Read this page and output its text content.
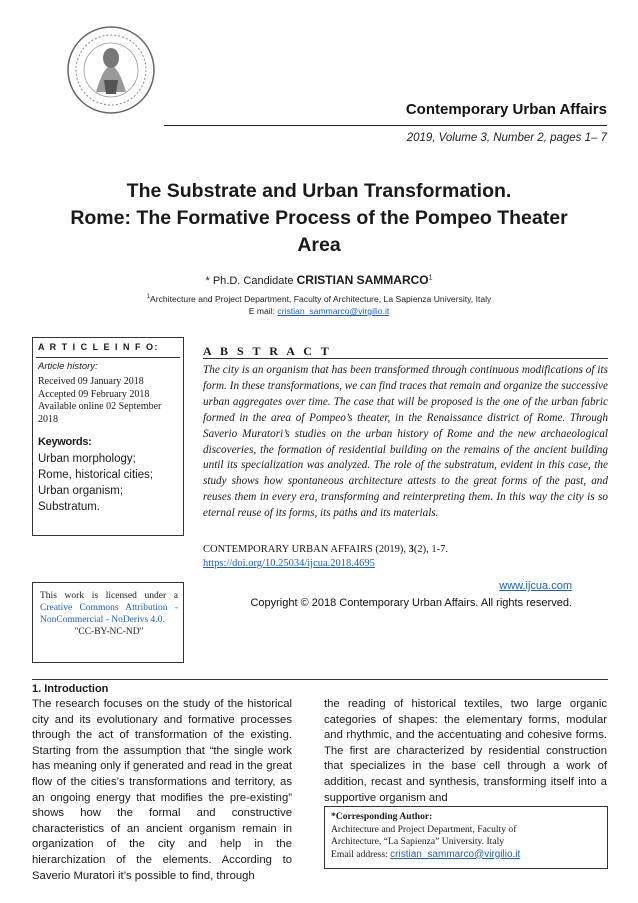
Contemporary Urban Affairs
2019, Volume 3, Number 2, pages 1– 7
The Substrate and Urban Transformation.
Rome: The Formative Process of the Pompeo Theater
Area
* Ph.D. Candidate CRISTIAN SAMMARCO$^1$
$^1$Architecture and Project Department, Faculty of Architecture, La Sapienza University, Italy
E mail: cristian_sammarco@virgilio.it
A R T I C L E I N F O:
Article history:
Received 09 January 2018
Accepted 09 February 2018
Available online 02 September 2018
Keywords:
Urban morphology;
Rome, historical cities;
Urban organism;
Substratum.
A B S T R A C T
The city is an organism that has been transformed through continuous modifications of its form. In these transformations, we can find traces that remain and organize the successive urban aggregates over time. The case that will be proposed is the one of the urban fabric formed in the area of Pompeo’s theater, in the Renaissance district of Rome. Through Saverio Muratori’s studies on the urban history of Rome and the new archaeological discoveries, the formation of residential building on the remains of the ancient building until its specialization was analyzed. The role of the substratum, evident in this case, the study shows how spontaneous architecture attests to the great forms of the past, and reuses them in every era, transforming and reinterpreting them. In this way the city is so eternal reuse of its forms, its paths and its materials.
CONTEMPORARY URBAN AFFAIRS (2019), 3(2), 1-7.
https://doi.org/10.25034/ijcua.2018.4695
www.ijcua.com
Copyright © 2018 Contemporary Urban Affairs. All rights reserved.
This work is licensed under a Creative Commons Attribution - NonCommercial - NoDerivs 4.0.
"CC-BY-NC-ND"
1. Introduction
The research focuses on the study of the historical city and its evolutionary and formative processes through the act of transformation of the existing. Starting from the assumption that “the single work has meaning only if generated and read in the great flow of the cities’s transformations and territory, as an ongoing energy that modifies the pre-existing” shows how the formal and constructive characteristics of an ancient organism remain in organization of the city and help in the hierarchization of the elements. According to Saverio Muratori it’s possible to find, through
the reading of historical textiles, two large organic categories of shapes: the elementary forms, modular and rhythmic, and the accentuating and cohesive forms. The first are characterized by residential construction that specializes in the base cell through a work of addition, recast and synthesis, transforming itself into a supportive organism and
*Corresponding Author:
Architecture and Project Department, Faculty of
Architecture, “La Sapienza” University. Italy
Email address: cristian_sammarco@virgilio.it
